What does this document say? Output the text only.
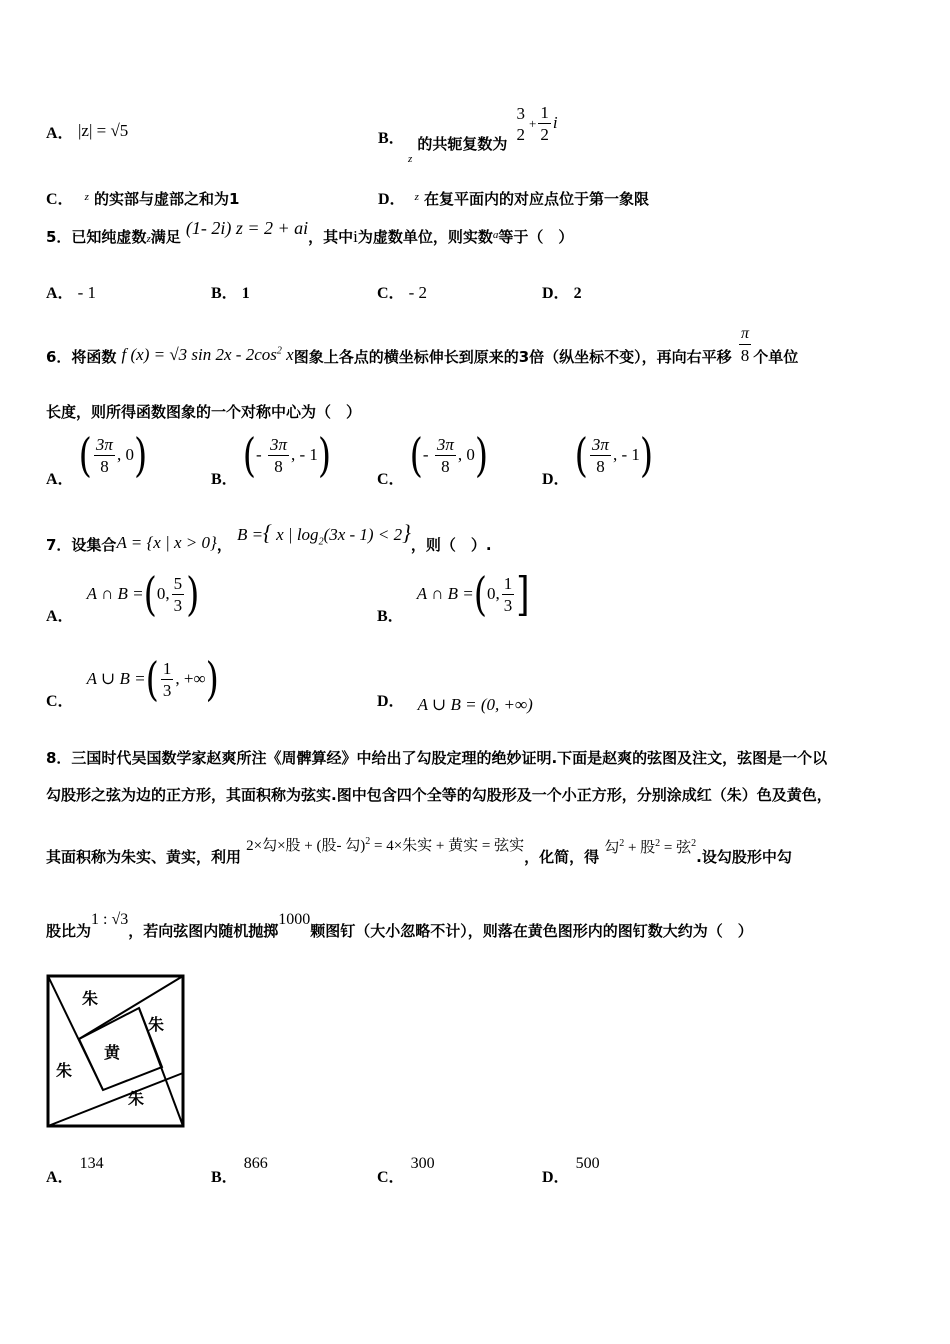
A． |z| = √5	B．
$_z$ 的共轭复数为
3
2
+ $\frac{1}{2}$ i
C． $^z$ 的实部与虚部之和为1	D． $^z$ 在复平面内的对应点位于第一象限
5．已知纯虚数z满足 (1- 2i) z = 2 + ai，其中i为虚数单位，则实数$^a$等于（　）
A． - 1	B． 1	C． - 2	D． 2
6．将函数 f (x) = √3 $\sin 2x - 2\cos^2$ x图象上各点的横坐标伸长到原来的3倍（纵坐标不变），再向右平移 $\frac{\pi}{8}$ 个单位
长度，则所得函数图象的一个对称中心为（　）
A． ( $\frac{3\pi}{8}$ , 0)	B． (- $\frac{3\pi}{8}$ , - 1)	C． (- $\frac{3\pi}{8}$ , 0)	D． ( $\frac{3\pi}{8}$ , - 1)
7．设集合A = {x | x > 0}， B ={ x | $\log_2(3x - 1) < 2$}，则（　）.
A． A ∩ B =(0, $\frac{5}{3}$ )	B． A ∩ B =(0, $\frac{1}{3}$ ]
C． A ∪ B =( $\frac{1}{3}$ , +∞)	D． A ∪ B = (0, +∞)
8．三国时代吴国数学家赵爽所注《周髀算经》中给出了勾股定理的绝妙证明.下面是赵爽的弦图及注文，弦图是一个以
勾股形之弦为边的正方形，其面积称为弦实.图中包含四个全等的勾股形及一个小正方形，分别涂成红（朱）色及黄色，
其面积称为朱实、黄实，利用 2×勾×股 + (股- 勾)$^2$ = 4×朱实 + 黄实 = 弦实，化简，得 勾$^2$ + 股$^2$ = 弦$^2$.设勾股形中勾
股比为1 : √3，若向弦图内随机抛掷1000颗图钉（大小忽略不计），则落在黄色图形内的图钉数大约为（　）
朱
朱
黄
朱
朱
A．134
B．866
C．300
D．500
